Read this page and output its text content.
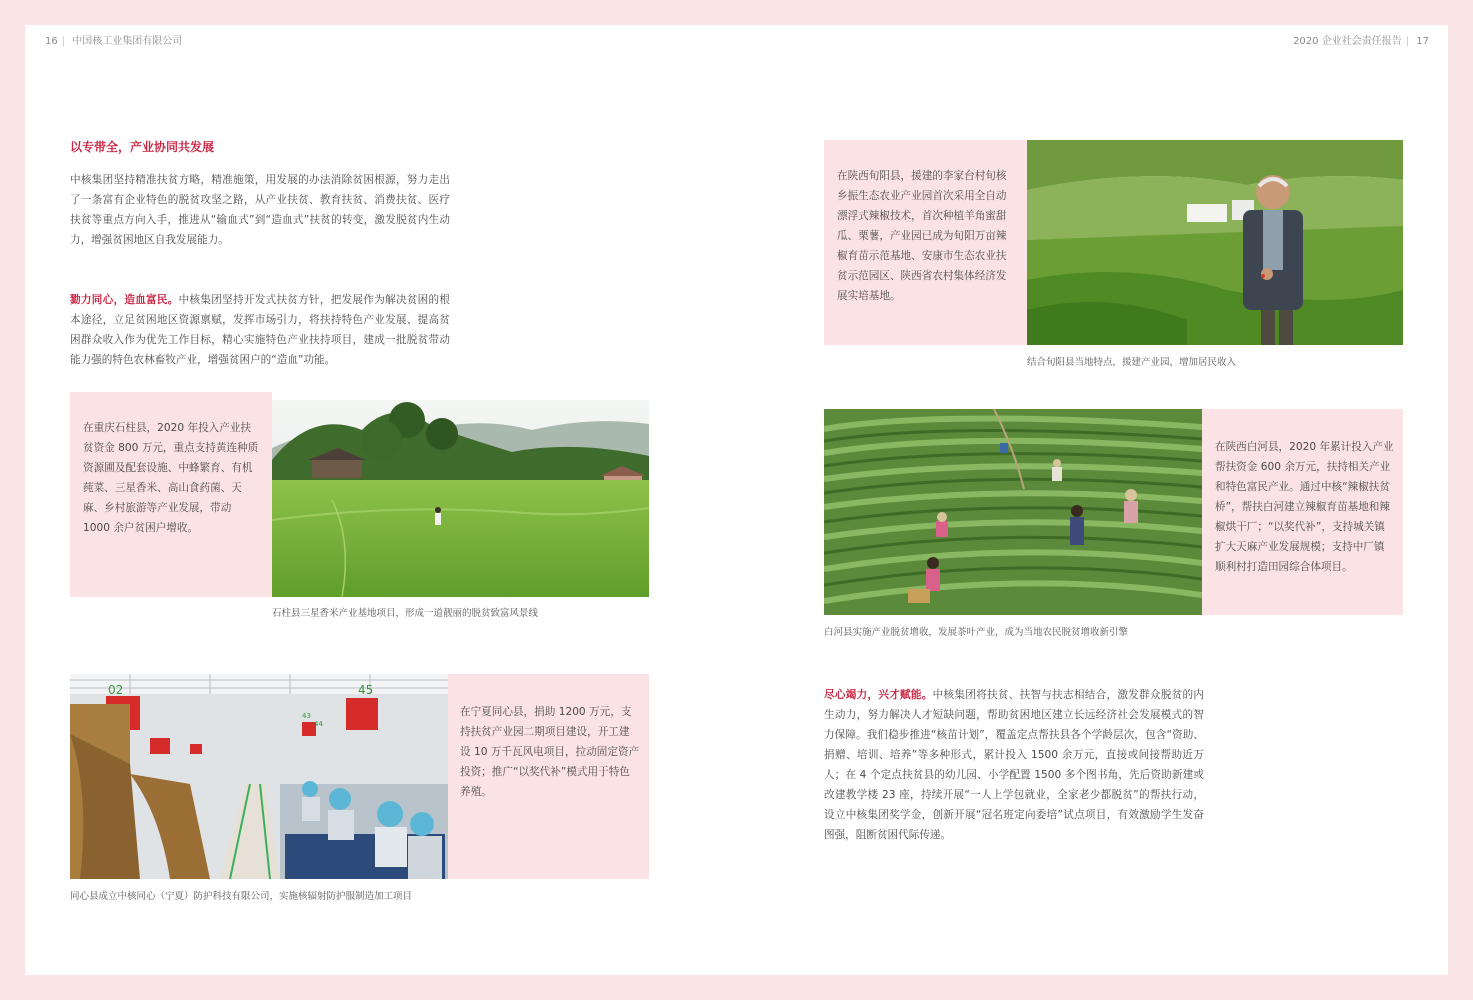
16 | 中国核工业集团有限公司	2020 企业社会责任报告 | 17
以专带全，产业协同共发展

中核集团坚持精准扶贫方略，精准施策，用发展的办法消除贫困根源，努力走出了一条富有企业特色的脱贫攻坚之路，从产业扶贫、教育扶贫、消费扶贫、医疗扶贫等重点方向入手，推进从“输血式”到“造血式”扶贫的转变，激发脱贫内生动力，增强贫困地区自我发展能力。

勠力同心，造血富民。中核集团坚持开发式扶贫方针，把发展作为解决贫困的根本途径，立足贫困地区资源禀赋，发挥市场引力，将扶持特色产业发展、提高贫困群众收入作为优先工作目标，精心实施特色产业扶持项目，建成一批脱贫带动能力强的特色农林畜牧产业，增强贫困户的“造血”功能。

在重庆石柱县，2020 年投入产业扶贫资金 800 万元，重点支持黄连种质资源圃及配套设施、中蜂繁育、有机莼菜、三星香米、高山食药菌、天麻、乡村旅游等产业发展，带动 1000 余户贫困户增收。

石柱县三星香米产业基地项目，形成一道靓丽的脱贫致富风景线

在宁夏同心县，捐助 1200 万元，支持扶贫产业园二期项目建设，开工建设 10 万千瓦风电项目，拉动固定资产投资；推广“以奖代补”模式用于特色养殖。

02	45
43
44
同心县成立中核同心（宁夏）防护科技有限公司，实施核辐射防护服制造加工项目

在陕西旬阳县，援建的李家台村旬核乡振生态农业产业园首次采用全自动漂浮式辣椒技术，首次种植羊角蜜甜瓜、栗薯，产业园已成为旬阳万亩辣椒育苗示范基地、安康市生态农业扶贫示范园区、陕西省农村集体经济发展实培基地。

结合旬阳县当地特点，援建产业园，增加居民收入

在陕西白河县，2020 年累计投入产业帮扶资金 600 余万元，扶持相关产业和特色富民产业。通过中核“辣椒扶贫桥”，帮扶白河建立辣椒育苗基地和辣椒烘干厂；“以奖代补”，支持城关镇扩大天麻产业发展规模；支持中厂镇顺利村打造田园综合体项目。

白河县实施产业脱贫增收，发展茶叶产业，成为当地农民脱贫增收新引擎

尽心竭力，兴才赋能。中核集团将扶贫、扶智与扶志相结合，激发群众脱贫的内生动力，努力解决人才短缺问题，帮助贫困地区建立长远经济社会发展模式的智力保障。我们稳步推进“核苗计划”，覆盖定点帮扶县各个学龄层次，包含“资助、捐赠、培训、培养”等多种形式，累计投入 1500 余万元，直接或间接帮助近万人；在 4 个定点扶贫县的幼儿园、小学配置 1500 多个图书角，先后资助新建或改建教学楼 23 座，持续开展“一人上学包就业，全家老少都脱贫”的帮扶行动，设立中核集团奖学金，创新开展“冠名班定向委培”试点项目，有效激励学生发奋图强，阻断贫困代际传递。
